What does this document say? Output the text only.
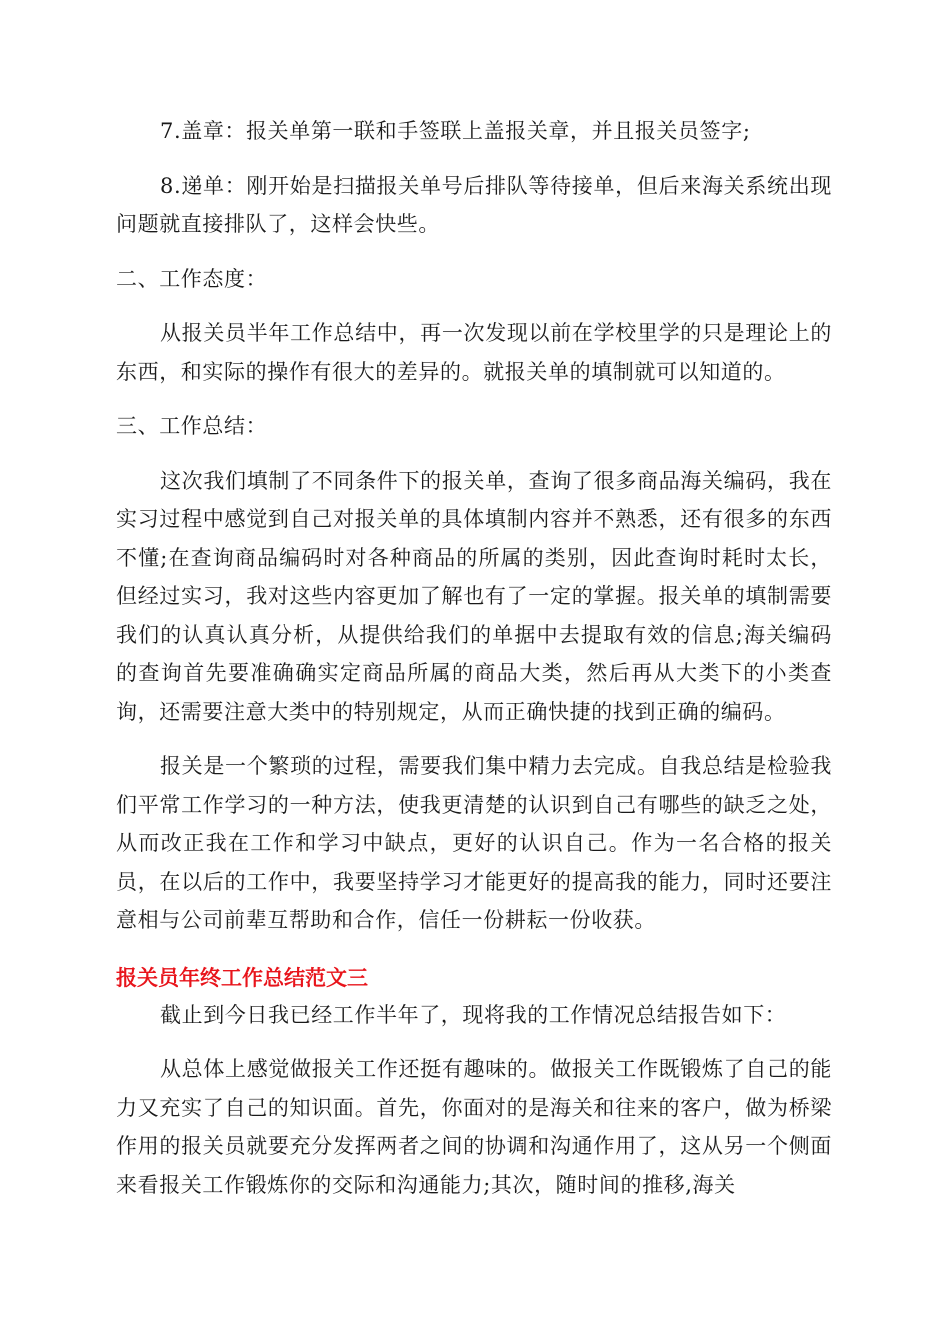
7.盖章：报关单第一联和手签联上盖报关章，并且报关员签字;

8.递单：刚开始是扫描报关单号后排队等待接单，但后来海关系统出现问题就直接排队了，这样会快些。

二、工作态度：

从报关员半年工作总结中，再一次发现以前在学校里学的只是理论上的东西，和实际的操作有很大的差异的。就报关单的填制就可以知道的。

三、工作总结：

这次我们填制了不同条件下的报关单，查询了很多商品海关编码，我在实习过程中感觉到自己对报关单的具体填制内容并不熟悉，还有很多的东西不懂;在查询商品编码时对各种商品的所属的类别，因此查询时耗时太长，但经过实习，我对这些内容更加了解也有了一定的掌握。报关单的填制需要我们的认真认真分析，从提供给我们的单据中去提取有效的信息;海关编码的查询首先要准确确实定商品所属的商品大类，然后再从大类下的小类查询，还需要注意大类中的特别规定，从而正确快捷的找到正确的编码。

报关是一个繁琐的过程，需要我们集中精力去完成。自我总结是检验我们平常工作学习的一种方法，使我更清楚的认识到自己有哪些的缺乏之处，从而改正我在工作和学习中缺点，更好的认识自己。作为一名合格的报关员，在以后的工作中，我要坚持学习才能更好的提高我的能力，同时还要注意相与公司前辈互帮助和合作，信任一份耕耘一份收获。

报关员年终工作总结范文三

截止到今日我已经工作半年了，现将我的工作情况总结报告如下：

从总体上感觉做报关工作还挺有趣味的。做报关工作既锻炼了自己的能力又充实了自己的知识面。首先，你面对的是海关和往来的客户，做为桥梁作用的报关员就要充分发挥两者之间的协调和沟通作用了，这从另一个侧面来看报关工作锻炼你的交际和沟通能力;其次，随时间的推移,海关
